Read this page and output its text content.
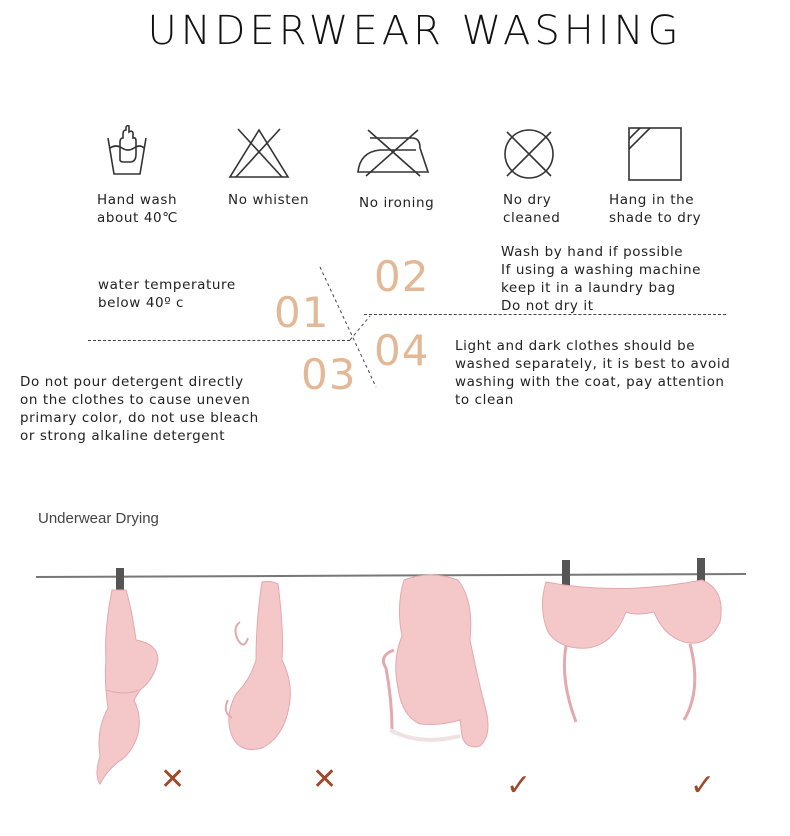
UNDERWEAR WASHING
Hand wash
about 40℃
No whisten	No ironing	No dry
cleaned
Hang in the
shade to dry
01
02
03 04
water temperature
below 40º c
Wash by hand if possible
If using a washing machine
keep it in a laundry bag
Do not dry it
Do not pour detergent directly
on the clothes to cause uneven
primary color, do not use bleach
or strong alkaline detergent
Light and dark clothes should be
washed separately, it is best to avoid
washing with the coat, pay attention
to clean
Underwear Drying
✕	✕	✓	✓
